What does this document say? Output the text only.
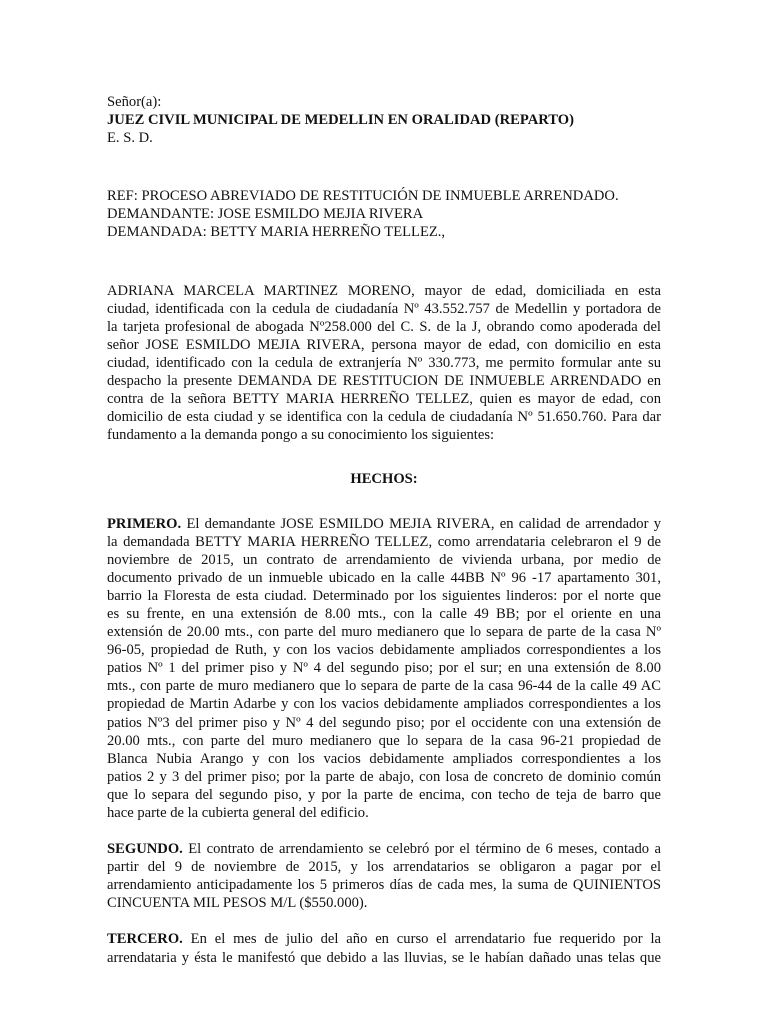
Señor(a):
JUEZ CIVIL MUNICIPAL DE MEDELLIN EN ORALIDAD (REPARTO)
E. S. D.
REF: PROCESO ABREVIADO DE RESTITUCIÓN DE INMUEBLE ARRENDADO.
DEMANDANTE: JOSE ESMILDO MEJIA RIVERA
DEMANDADA: BETTY MARIA HERREÑO TELLEZ.,
ADRIANA MARCELA MARTINEZ MORENO, mayor de edad, domiciliada en esta
ciudad, identificada con la cedula de ciudadanía Nº 43.552.757 de Medellin y portadora de
la tarjeta profesional de abogada Nº258.000 del C. S. de la J, obrando como apoderada del
señor JOSE ESMILDO MEJIA RIVERA, persona mayor de edad, con domicilio en esta
ciudad, identificado con la cedula de extranjería Nº 330.773, me permito formular ante su
despacho la presente DEMANDA DE RESTITUCION DE INMUEBLE ARRENDADO en
contra de la señora BETTY MARIA HERREÑO TELLEZ, quien es mayor de edad, con
domicilio de esta ciudad y se identifica con la cedula de ciudadanía Nº 51.650.760. Para dar
fundamento a la demanda pongo a su conocimiento los siguientes:
HECHOS:
PRIMERO. El demandante JOSE ESMILDO MEJIA RIVERA, en calidad de arrendador y
la demandada BETTY MARIA HERREÑO TELLEZ, como arrendataria celebraron el 9 de
noviembre de 2015, un contrato de arrendamiento de vivienda urbana, por medio de
documento privado de un inmueble ubicado en la calle 44BB Nº 96 -17 apartamento 301,
barrio la Floresta de esta ciudad. Determinado por los siguientes linderos: por el norte que
es su frente, en una extensión de 8.00 mts., con la calle 49 BB; por el oriente en una
extensión de 20.00 mts., con parte del muro medianero que lo separa de parte de la casa Nº
96-05, propiedad de Ruth, y con los vacios debidamente ampliados correspondientes a los
patios Nº 1 del primer piso y Nº 4 del segundo piso; por el sur; en una extensión de 8.00
mts., con parte de muro medianero que lo separa de parte de la casa 96-44 de la calle 49 AC
propiedad de Martin Adarbe y con los vacios debidamente ampliados correspondientes a los
patios Nº3 del primer piso y Nº 4 del segundo piso; por el occidente con una extensión de
20.00 mts., con parte del muro medianero que lo separa de la casa 96-21 propiedad de
Blanca Nubia Arango y con los vacios debidamente ampliados correspondientes a los
patios 2 y 3 del primer piso; por la parte de abajo, con losa de concreto de dominio común
que lo separa del segundo piso, y por la parte de encima, con techo de teja de barro que
hace parte de la cubierta general del edificio.
SEGUNDO. El contrato de arrendamiento se celebró por el término de 6 meses, contado a
partir del 9 de noviembre de 2015, y los arrendatarios se obligaron a pagar por el
arrendamiento anticipadamente los 5 primeros días de cada mes, la suma de QUINIENTOS
CINCUENTA MIL PESOS M/L ($550.000).
TERCERO. En el mes de julio del año en curso el arrendatario fue requerido por la
arrendataria y ésta le manifestó que debido a las lluvias, se le habían dañado unas telas que
